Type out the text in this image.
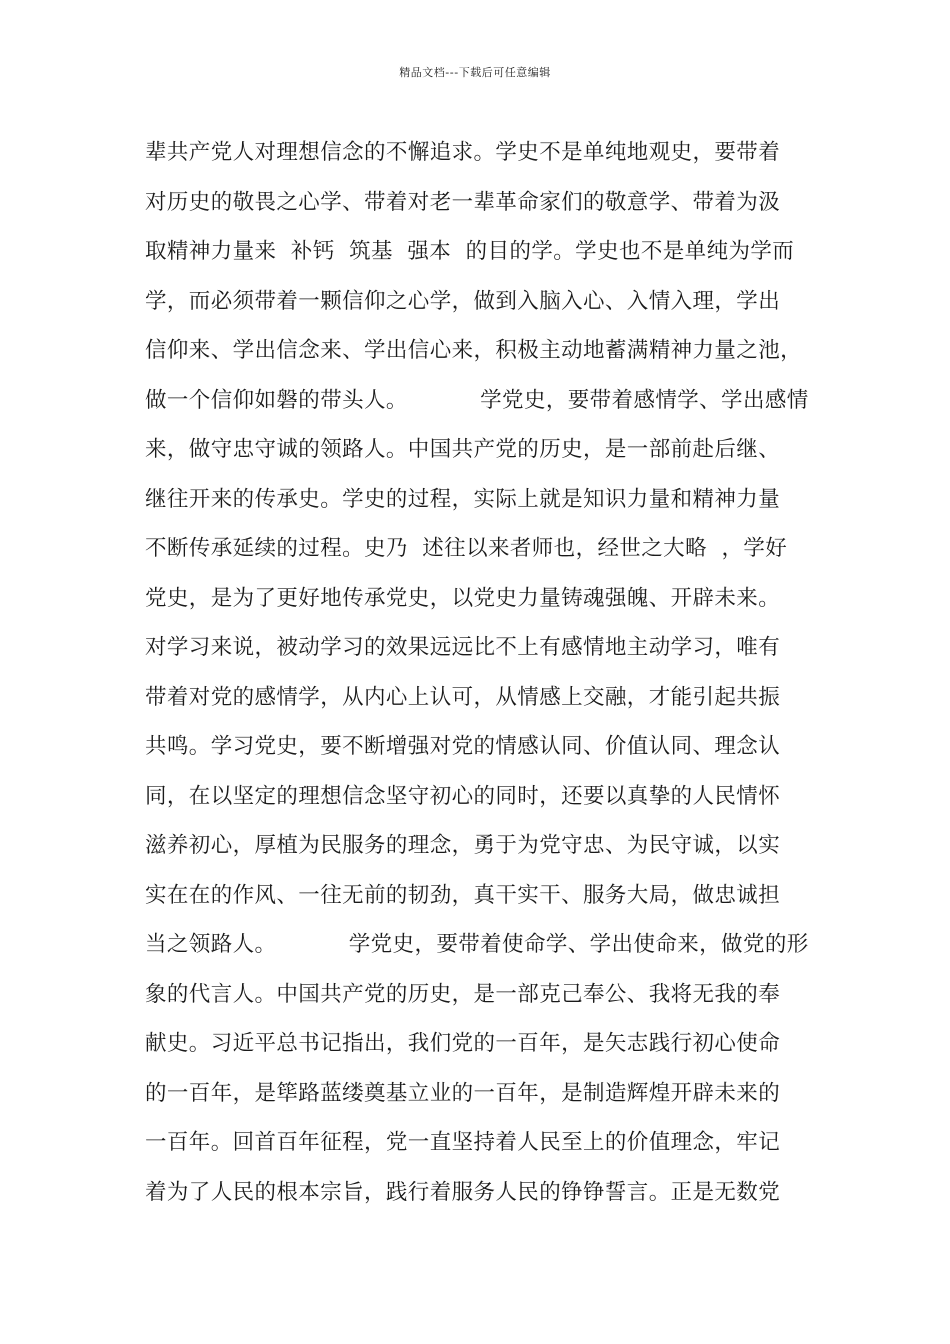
精品文档---下载后可任意编辑
辈共产党人对理想信念的不懈追求。学史不是单纯地观史，要带着
对历史的敬畏之心学、带着对老一辈革命家们的敬意学、带着为汲
取精神力量来  补钙  筑基  强本  的目的学。学史也不是单纯为学而
学，而必须带着一颗信仰之心学，做到入脑入心、入情入理，学出
信仰来、学出信念来、学出信心来，积极主动地蓄满精神力量之池，
做一个信仰如磐的带头人。          学党史，要带着感情学、学出感情
来，做守忠守诚的领路人。中国共产党的历史，是一部前赴后继、
继往开来的传承史。学史的过程，实际上就是知识力量和精神力量
不断传承延续的过程。史乃  述往以来者师也，经世之大略  ，学好
党史，是为了更好地传承党史，以党史力量铸魂强魄、开辟未来。
对学习来说，被动学习的效果远远比不上有感情地主动学习，唯有
带着对党的感情学，从内心上认可，从情感上交融，才能引起共振
共鸣。学习党史，要不断增强对党的情感认同、价值认同、理念认
同，在以坚定的理想信念坚守初心的同时，还要以真挚的人民情怀
滋养初心，厚植为民服务的理念，勇于为党守忠、为民守诚，以实
实在在的作风、一往无前的韧劲，真干实干、服务大局，做忠诚担
当之领路人。          学党史，要带着使命学、学出使命来，做党的形
象的代言人。中国共产党的历史，是一部克己奉公、我将无我的奉
献史。习近平总书记指出，我们党的一百年，是矢志践行初心使命
的一百年，是筚路蓝缕奠基立业的一百年，是制造辉煌开辟未来的
一百年。回首百年征程，党一直坚持着人民至上的价值理念，牢记
着为了人民的根本宗旨，践行着服务人民的铮铮誓言。正是无数党
